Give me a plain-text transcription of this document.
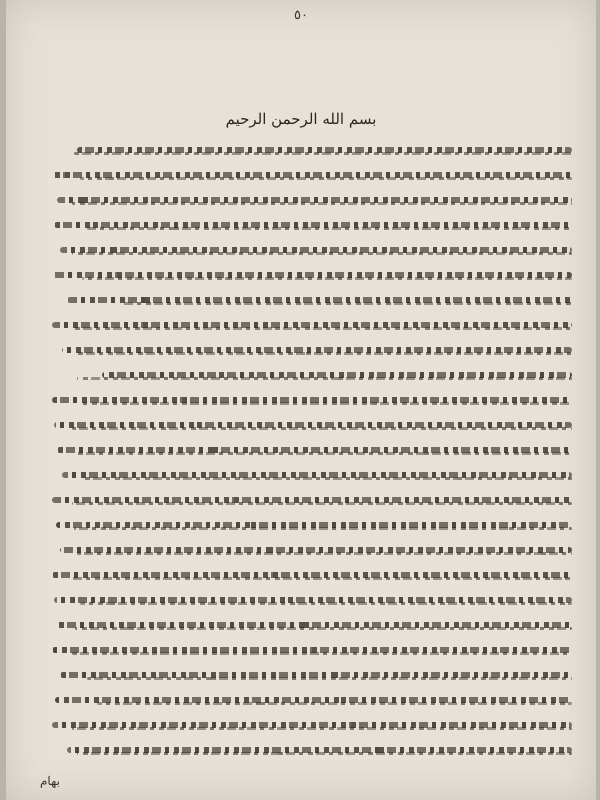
٥٠
بسم الله الرحمن الرحيم
بهام
